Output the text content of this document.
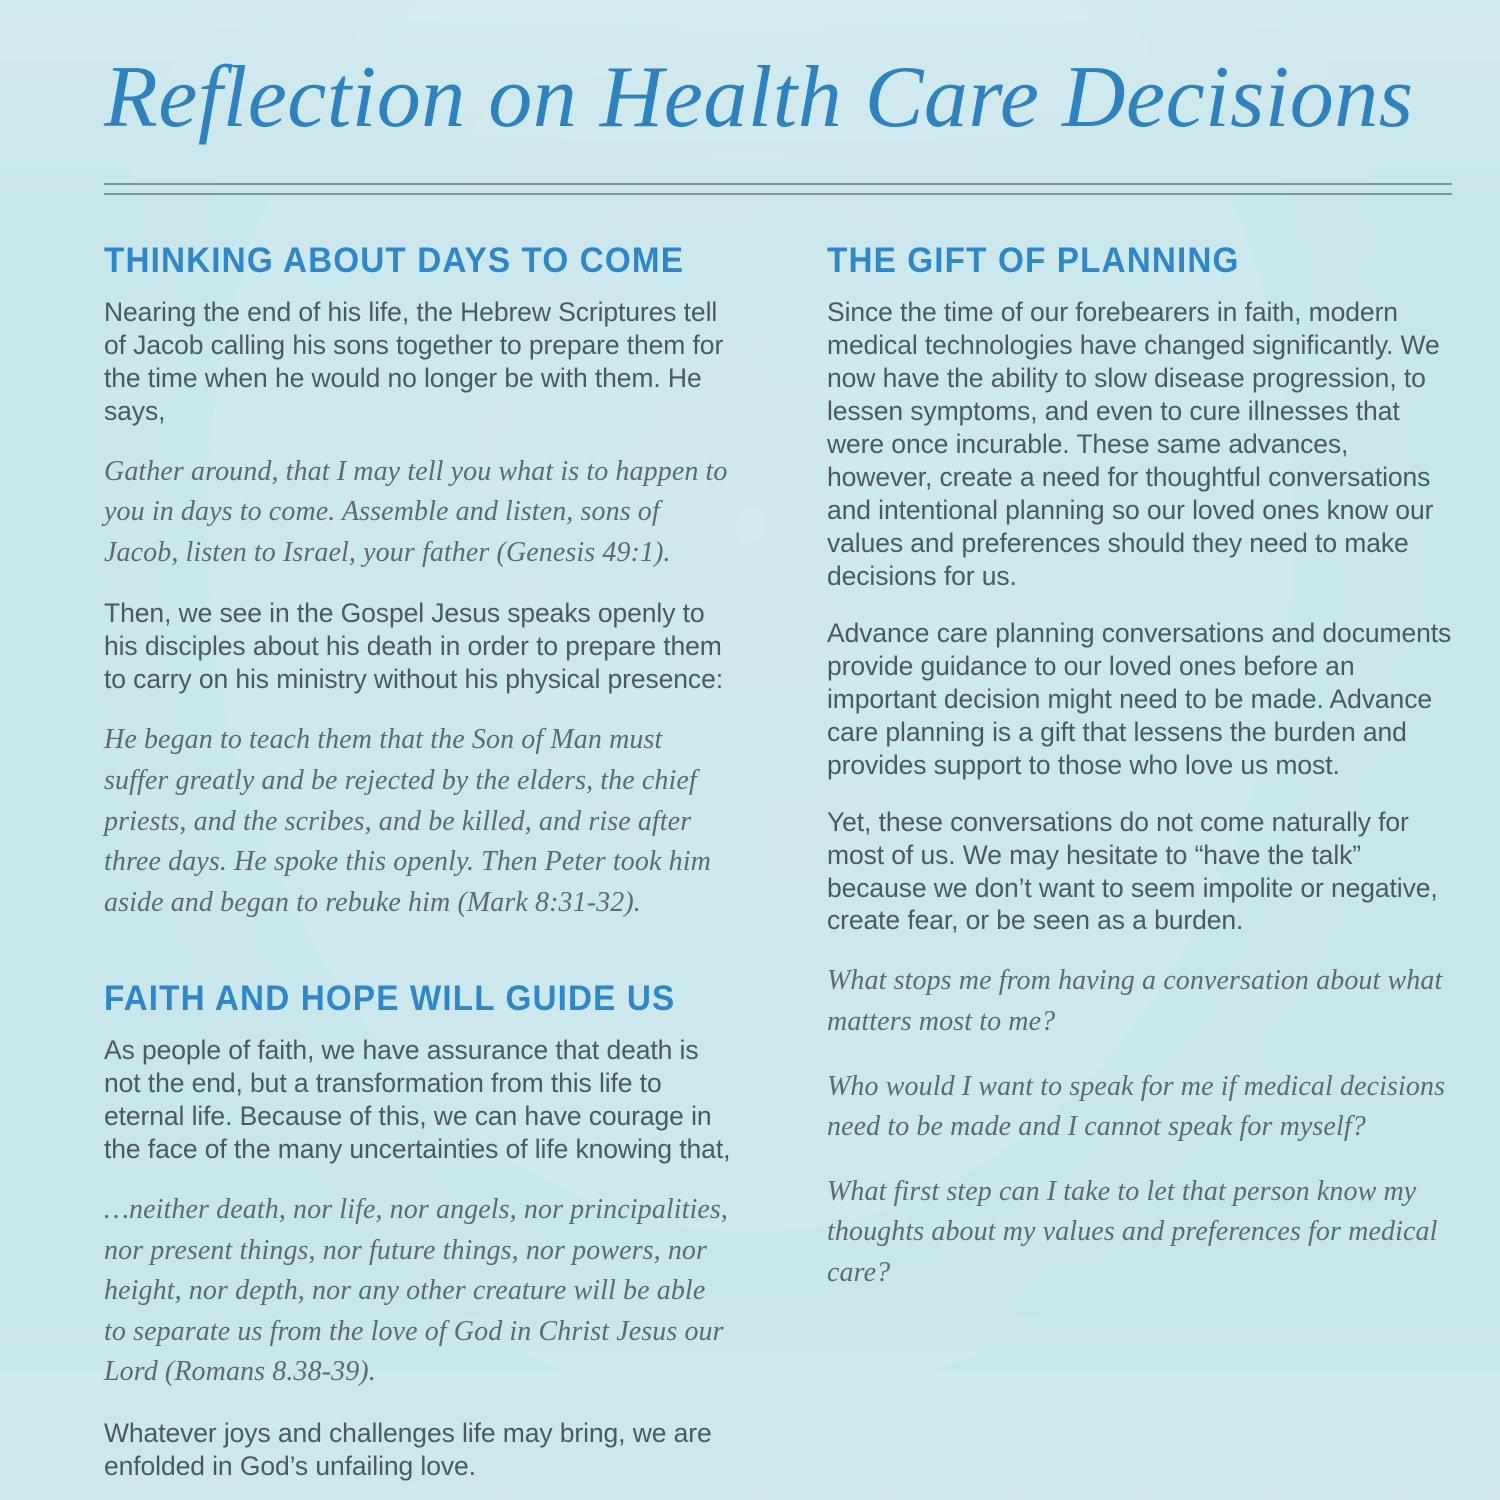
Reflection on Health Care Decisions
THINKING ABOUT DAYS TO COME

Nearing the end of his life, the Hebrew Scriptures tell of Jacob calling his sons together to prepare them for the time when he would no longer be with them. He says,

Gather around, that I may tell you what is to happen to you in days to come. Assemble and listen, sons of Jacob, listen to Israel, your father (Genesis 49:1).

Then, we see in the Gospel Jesus speaks openly to his disciples about his death in order to prepare them to carry on his ministry without his physical presence:

He began to teach them that the Son of Man must suffer greatly and be rejected by the elders, the chief priests, and the scribes, and be killed, and rise after three days. He spoke this openly. Then Peter took him aside and began to rebuke him (Mark 8:31-32).

FAITH AND HOPE WILL GUIDE US

As people of faith, we have assurance that death is not the end, but a transformation from this life to eternal life. Because of this, we can have courage in the face of the many uncertainties of life knowing that,

…neither death, nor life, nor angels, nor principalities, nor present things, nor future things, nor powers, nor height, nor depth, nor any other creature will be able to separate us from the love of God in Christ Jesus our Lord (Romans 8.38-39).

Whatever joys and challenges life may bring, we are enfolded in God’s unfailing love.

THE GIFT OF PLANNING

Since the time of our forebearers in faith, modern medical technologies have changed significantly. We now have the ability to slow disease progression, to lessen symptoms, and even to cure illnesses that were once incurable. These same advances, however, create a need for thoughtful conversations and intentional planning so our loved ones know our values and preferences should they need to make decisions for us.

Advance care planning conversations and documents provide guidance to our loved ones before an important decision might need to be made. Advance care planning is a gift that lessens the burden and provides support to those who love us most.

Yet, these conversations do not come naturally for most of us. We may hesitate to “have the talk” because we don’t want to seem impolite or negative, create fear, or be seen as a burden.

What stops me from having a conversation about what matters most to me?

Who would I want to speak for me if medical decisions need to be made and I cannot speak for myself?

What first step can I take to let that person know my thoughts about my values and preferences for medical care?
